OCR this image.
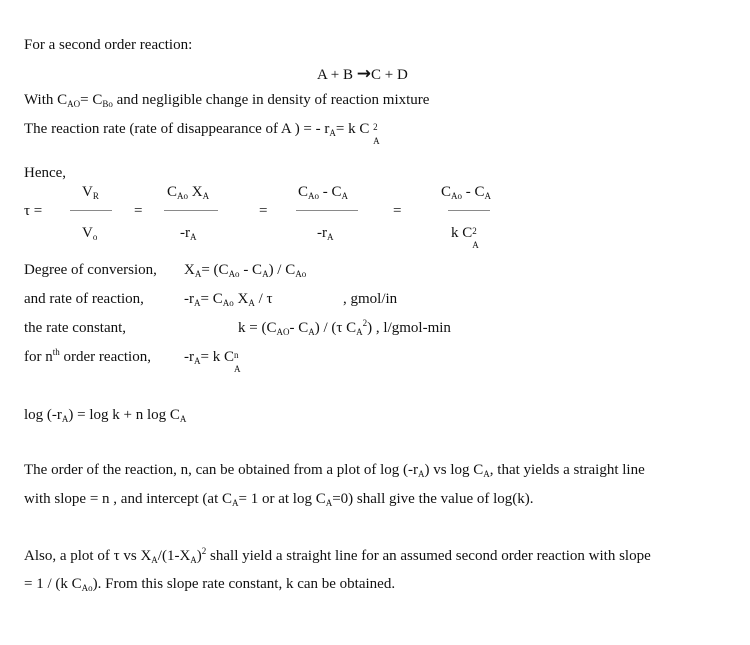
For a second order reaction:
A + B →C + D
With $C_{AO}= C_{Bo}$ and negligible change in density of reaction mixture
The reaction rate (rate of disappearance of A ) = - $r_A= k$ C 2
A
Hence,
τ =
$V_R$
$V_o$
=
$C_{Ao}$ $X_A$
$-r_A$
=
$C_{Ao} - C_A$
$-r_A$
=
$C_{Ao} - C_A$
k C 2
A
Degree of conversion, $X_A= (C_{Ao} - C_A) / C_{Ao}$
and rate of reaction,	$-r_A= C_{Ao}$ $X_A$ / τ	, gmol/in
the rate constant,	$k = (C_{AO}-$ $C_A) / (\tau$ $C_A^2$) , l/gmol-min
for $n^{th}$ order reaction, $-r_A= k$ C n
A
$\log (-r_A) = \log k + n$ $\log C_A$
The order of the reaction, n, can be obtained from a plot of $\log (-r_A)$ vs $\log C_A$, that yields a straight line
with slope = n , and intercept (at $C_A= 1$ or at $\log C_A=0$) shall give the value of log(k).
Also, a plot of τ vs $X_A/(1-X_A)^2$ shall yield a straight line for an assumed second order reaction with slope
= 1 / (k $C_{Ao}$). From this slope rate constant, k can be obtained.
